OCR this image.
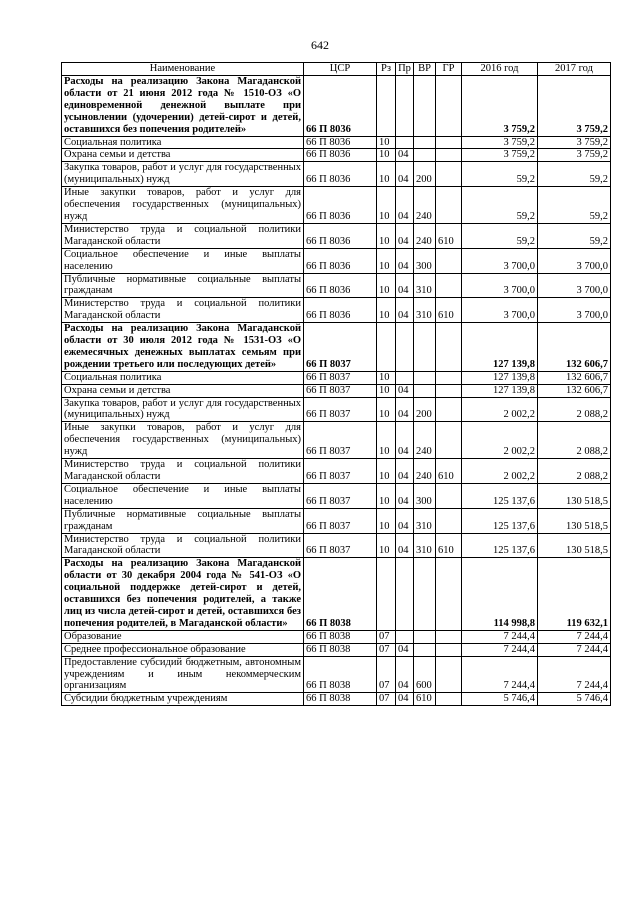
642
Наименование	ЦСР	Рз	Пр	ВР	ГР	2016 год	2017 год
Расходы на реализацию Закона Магаданской области от 21 июня 2012 года № 1510-ОЗ «О единовременной денежной выплате при усыновлении (удочерении) детей-сирот и детей, оставшихся без попечения родителей»	66 П 8036					3 759,2	3 759,2
Социальная политика	66 П 8036	10				3 759,2	3 759,2
Охрана семьи и детства	66 П 8036	10	04			3 759,2	3 759,2
Закупка товаров, работ и услуг для государственных (муниципальных) нужд	66 П 8036	10	04	200		59,2	59,2
Иные закупки товаров, работ и услуг для обеспечения государственных (муниципальных) нужд	66 П 8036	10	04	240		59,2	59,2
Министерство труда и социальной политики Магаданской области	66 П 8036	10	04	240	610	59,2	59,2
Социальное обеспечение и иные выплаты населению	66 П 8036	10	04	300		3 700,0	3 700,0
Публичные нормативные социальные выплаты гражданам	66 П 8036	10	04	310		3 700,0	3 700,0
Министерство труда и социальной политики Магаданской области	66 П 8036	10	04	310	610	3 700,0	3 700,0
Расходы на реализацию Закона Магаданской области от 30 июля 2012 года № 1531-ОЗ «О ежемесячных денежных выплатах семьям при рождении третьего или последующих детей»	66 П 8037					127 139,8	132 606,7
Социальная политика	66 П 8037	10				127 139,8	132 606,7
Охрана семьи и детства	66 П 8037	10	04			127 139,8	132 606,7
Закупка товаров, работ и услуг для государственных (муниципальных) нужд	66 П 8037	10	04	200		2 002,2	2 088,2
Иные закупки товаров, работ и услуг для обеспечения государственных (муниципальных) нужд	66 П 8037	10	04	240		2 002,2	2 088,2
Министерство труда и социальной политики Магаданской области	66 П 8037	10	04	240	610	2 002,2	2 088,2
Социальное обеспечение и иные выплаты населению	66 П 8037	10	04	300		125 137,6	130 518,5
Публичные нормативные социальные выплаты гражданам	66 П 8037	10	04	310		125 137,6	130 518,5
Министерство труда и социальной политики Магаданской области	66 П 8037	10	04	310	610	125 137,6	130 518,5
Расходы на реализацию Закона Магаданской области от 30 декабря 2004 года № 541-ОЗ «О социальной поддержке детей-сирот и детей, оставшихся без попечения родителей, а также лиц из числа детей-сирот и детей, оставшихся без попечения родителей, в Магаданской области»	66 П 8038					114 998,8	119 632,1
Образование	66 П 8038	07				7 244,4	7 244,4
Среднее профессиональное образование	66 П 8038	07	04			7 244,4	7 244,4
Предоставление субсидий бюджетным, автономным учреждениям и иным некоммерческим организациям	66 П 8038	07	04	600		7 244,4	7 244,4
Субсидии бюджетным учреждениям	66 П 8038	07	04	610		5 746,4	5 746,4
